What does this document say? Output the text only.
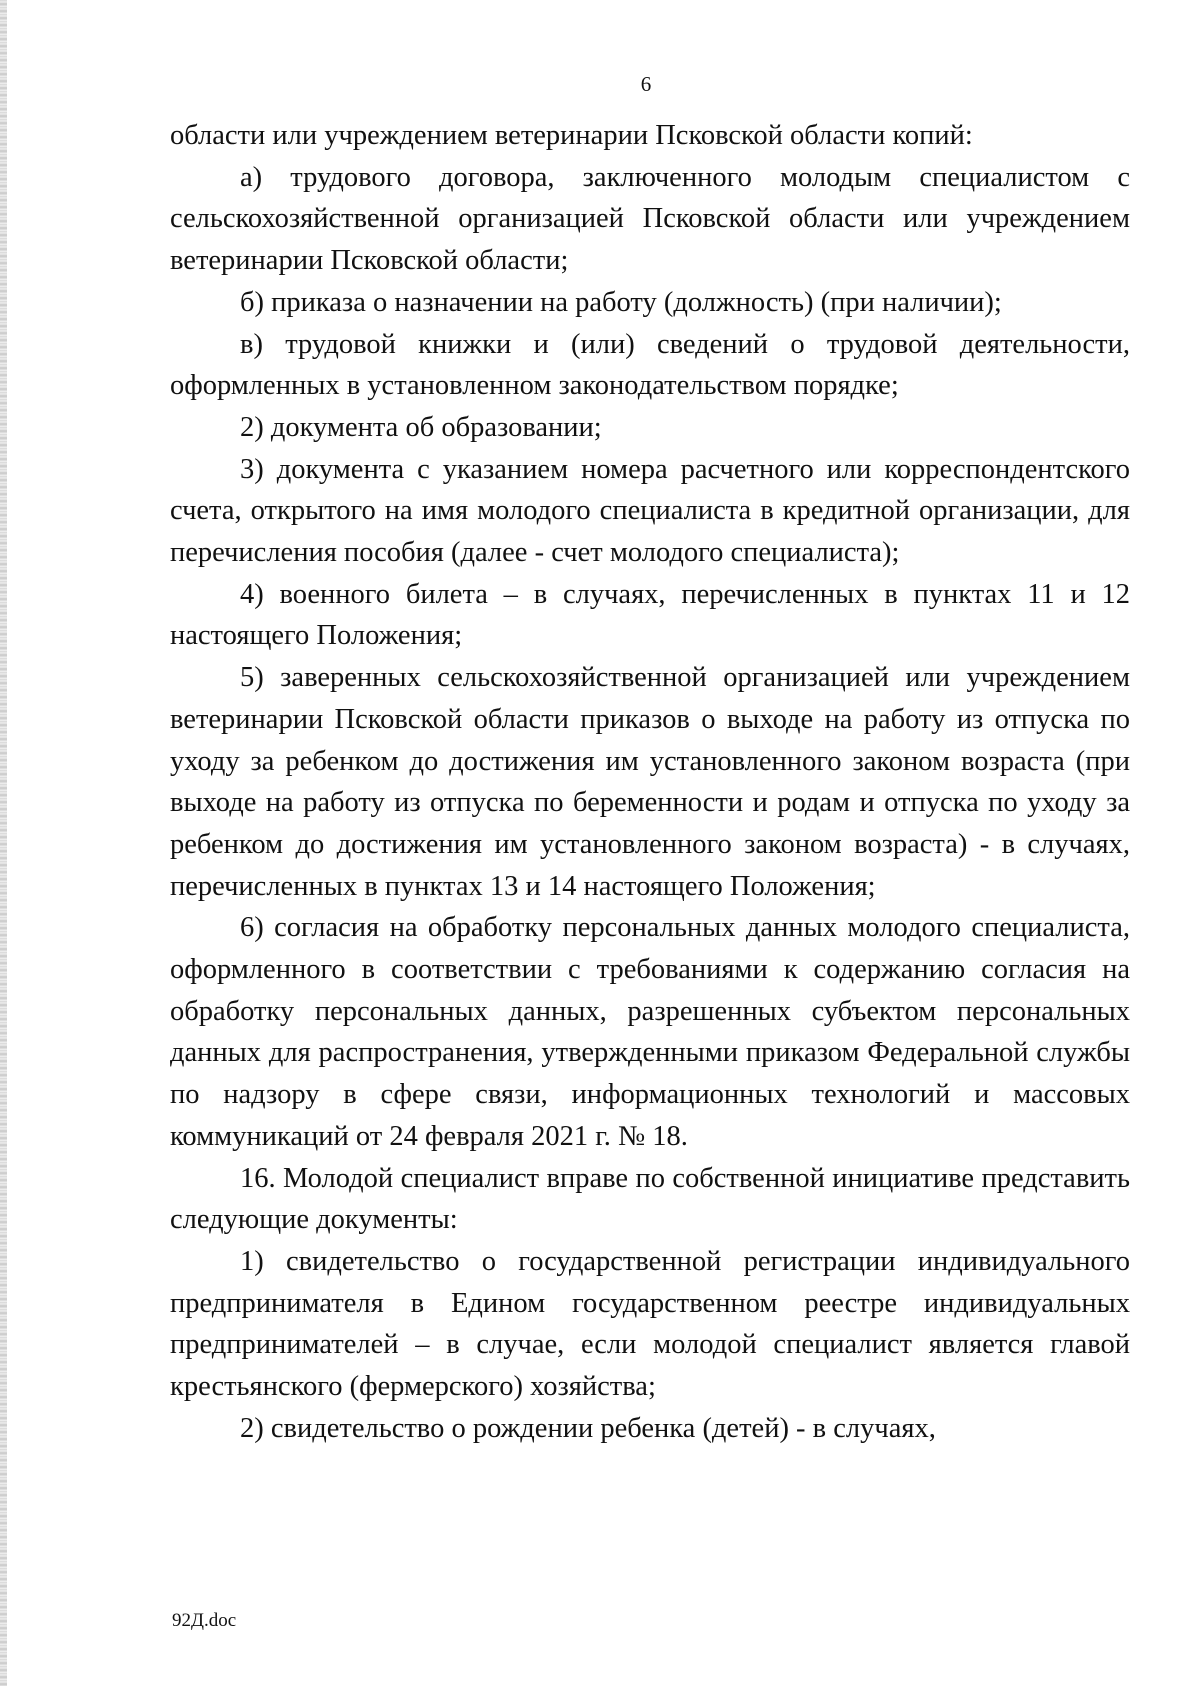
6

области или учреждением ветеринарии Псковской области копий:

а) трудового договора, заключенного молодым специалистом с сельскохозяйственной организацией Псковской области или учреждением ветеринарии Псковской области;

б) приказа о назначении на работу (должность) (при наличии);

в) трудовой книжки и (или) сведений о трудовой деятельности, оформленных в установленном законодательством порядке;

2) документа об образовании;

3) документа с указанием номера расчетного или корреспондентского счета, открытого на имя молодого специалиста в кредитной организации, для перечисления пособия (далее - счет молодого специалиста);

4) военного билета – в случаях, перечисленных в пунктах 11 и 12 настоящего Положения;

5) заверенных сельскохозяйственной организацией или учреждением ветеринарии Псковской области приказов о выходе на работу из отпуска по уходу за ребенком до достижения им установленного законом возраста (при выходе на работу из отпуска по беременности и родам и отпуска по уходу за ребенком до достижения им установленного законом возраста) - в случаях, перечисленных в пунктах 13 и 14 настоящего Положения;

6) согласия на обработку персональных данных молодого специалиста, оформленного в соответствии с требованиями к содержанию согласия на обработку персональных данных, разрешенных субъектом персональных данных для распространения, утвержденными приказом Федеральной службы по надзору в сфере связи, информационных технологий и массовых коммуникаций от 24 февраля 2021 г. № 18.

16. Молодой специалист вправе по собственной инициативе представить следующие документы:

1) свидетельство о государственной регистрации индивидуального предпринимателя в Едином государственном реестре индивидуальных предпринимателей – в случае, если молодой специалист является главой крестьянского (фермерского) хозяйства;

2) свидетельство о рождении ребенка (детей) - в случаях,

92Д.doc
